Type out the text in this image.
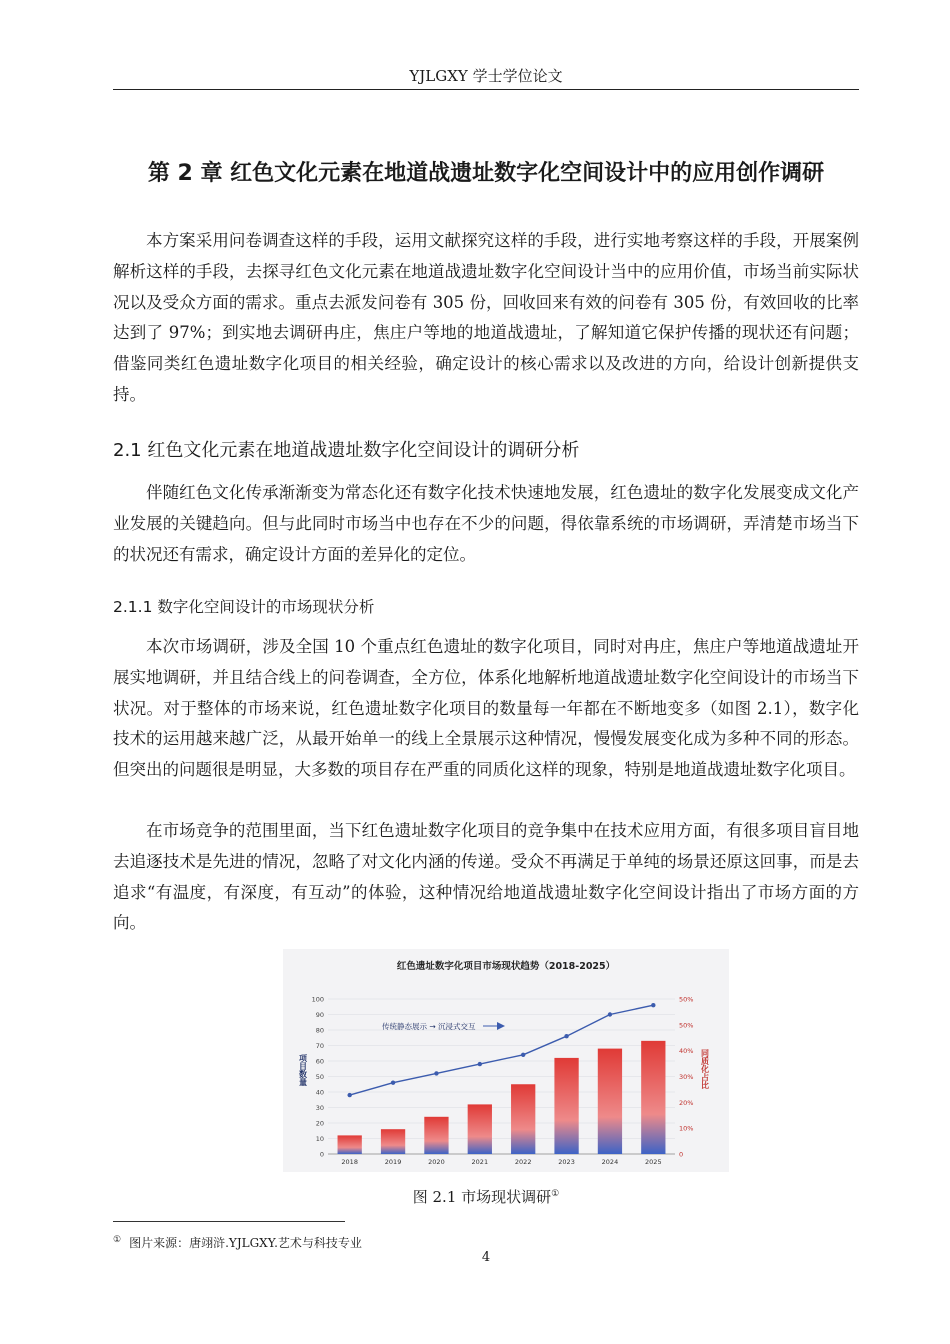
YJLGXY 学士学位论文
第 2 章 红色文化元素在地道战遗址数字化空间设计中的应用创作调研

本方案采用问卷调查这样的手段，运用文献探究这样的手段，进行实地考察这样的手段，开展案例解析这样的手段，去探寻红色文化元素在地道战遗址数字化空间设计当中的应用价值，市场当前实际状况以及受众方面的需求。重点去派发问卷有 305 份，回收回来有效的问卷有 305 份，有效回收的比率达到了 97%；到实地去调研冉庄，焦庄户等地的地道战遗址，了解知道它保护传播的现状还有问题；借鉴同类红色遗址数字化项目的相关经验，确定设计的核心需求以及改进的方向，给设计创新提供支持。

2.1 红色文化元素在地道战遗址数字化空间设计的调研分析

伴随红色文化传承渐渐变为常态化还有数字化技术快速地发展，红色遗址的数字化发展变成文化产业发展的关键趋向。但与此同时市场当中也存在不少的问题，得依靠系统的市场调研，弄清楚市场当下的状况还有需求，确定设计方面的差异化的定位。

2.1.1 数字化空间设计的市场现状分析

本次市场调研，涉及全国 10 个重点红色遗址的数字化项目，同时对冉庄，焦庄户等地道战遗址开展实地调研，并且结合线上的问卷调查，全方位，体系化地解析地道战遗址数字化空间设计的市场当下状况。对于整体的市场来说，红色遗址数字化项目的数量每一年都在不断地变多（如图 2.1），数字化技术的运用越来越广泛，从最开始单一的线上全景展示这种情况，慢慢发展变化成为多种不同的形态。但突出的问题很是明显，大多数的项目存在严重的同质化这样的现象，特别是地道战遗址数字化项目。

在市场竞争的范围里面，当下红色遗址数字化项目的竞争集中在技术应用方面，有很多项目盲目地去追逐技术是先进的情况，忽略了对文化内涵的传递。受众不再满足于单纯的场景还原这回事，而是去追求“有温度，有深度，有互动”的体验，这种情况给地道战遗址数字化空间设计指出了市场方面的方向。

红色遗址数字化项目市场现状趋势（2018-2025）
0
10
20
30
40
50
60
70
80
90
100
0
10%
20%
30%
40%
50%
50%
2018	2019	2020	2021	2022	2023	2024	2025
传统静态展示 → 沉浸式交互
项目数量	同质化占比
图 2.1 市场现状调研①
① 图片来源：唐翊浒.YJLGXY.艺术与科技专业
4
